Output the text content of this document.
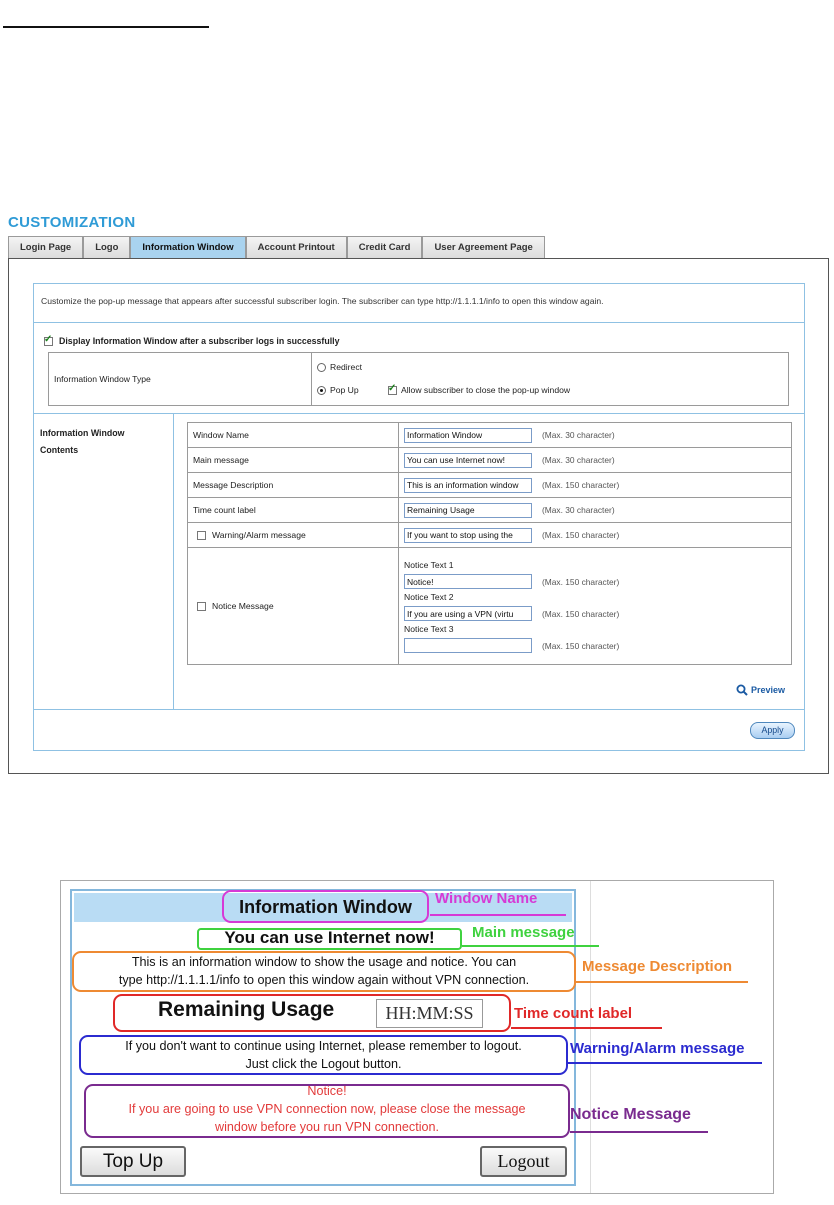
CUSTOMIZATION
Login Page	Logo	Information Window	Account Printout	Credit Card	User Agreement Page
Customize the pop-up message that appears after successful subscriber login. The subscriber can type http://1.1.1.1/info to open this window again.
✓
Display Information Window after a subscriber logs in successfully
Information Window Type
Redirect
Pop Up
✓	Allow subscriber to close the pop-up window
Information Window Contents
Window Name	
Information Window(Max. 30 character)

Main message	
You can use Internet now!(Max. 30 character)

Message Description	
This is an information window(Max. 150 character)

Time count label	
Remaining Usage(Max. 30 character)

Warning/Alarm message

If you want to stop using the(Max. 150 character)

Notice Message

Notice Text 1
Notice!
(Max. 150 character)
Notice Text 2
If you are using a VPN (virtu
(Max. 150 character)
Notice Text 3
(Max. 150 character)
Preview
Apply
Information Window	Window Name
You can use Internet now!	Main message
This is an information window to show the usage and notice. You can
type http://1.1.1.1/info to open this window again without VPN connection.
Message Description
Remaining Usage	HH:MM:SS	Time count label
If you don't want to continue using Internet, please remember to logout.
Just click the Logout button.
Warning/Alarm message
Notice!
If you are going to use VPN connection now, please close the message
window before you run VPN connection.
Notice Message
Top Up	Logout
